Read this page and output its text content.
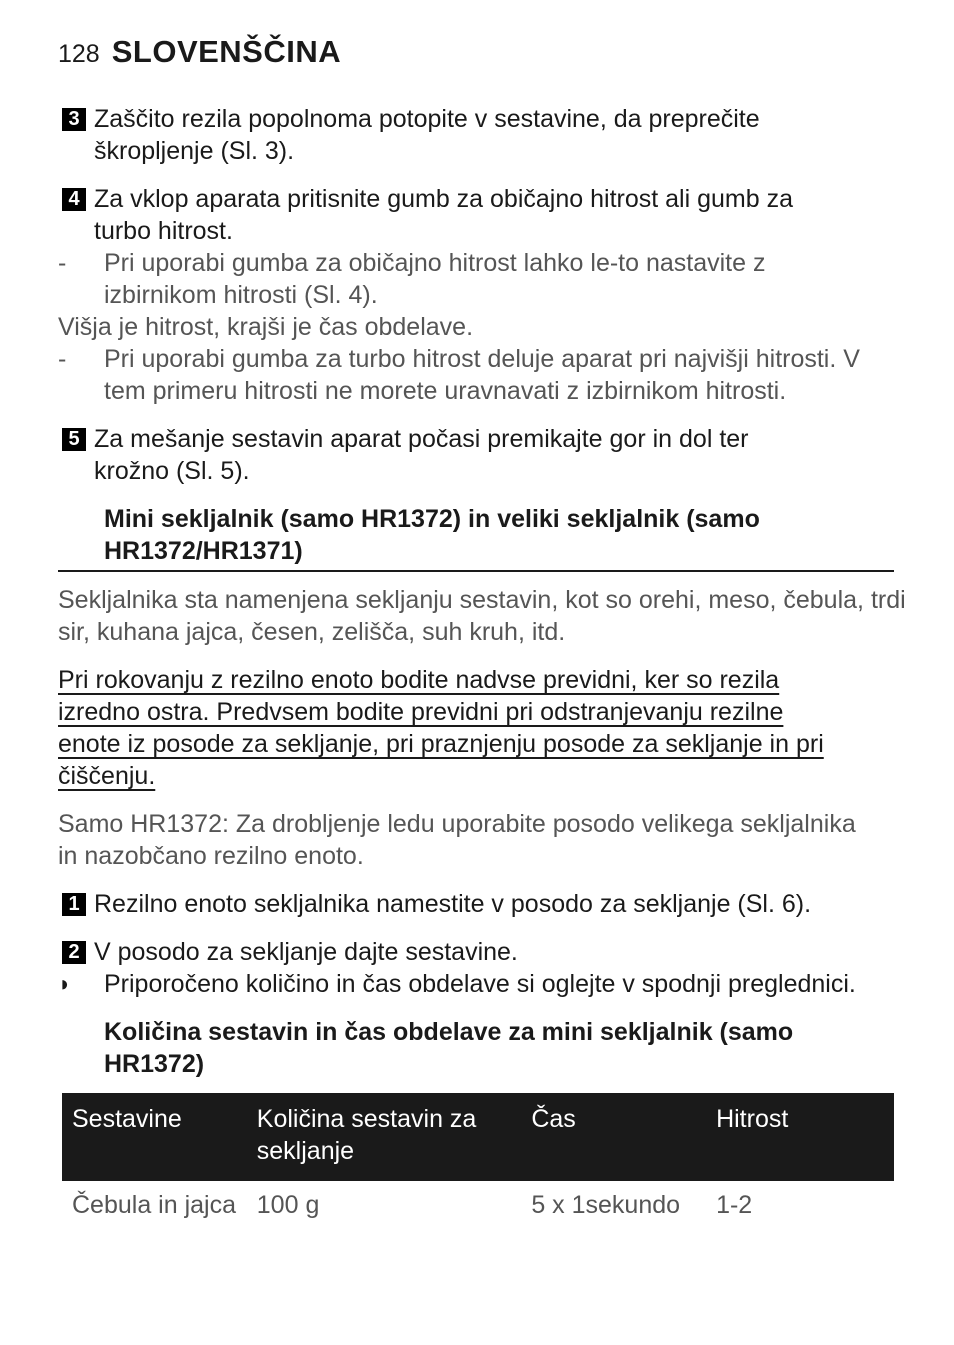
128 SLOVENŠČINA
3 Zaščito rezila popolnoma potopite v sestavine, da preprečite
škropljenje (Sl. 3).
4 Za vklop aparata pritisnite gumb za običajno hitrost ali gumb za
turbo hitrost.
-	Pri uporabi gumba za običajno hitrost lahko le-to nastavite z
izbirnikom hitrosti (Sl. 4).
Višja je hitrost, krajši je čas obdelave.
-	Pri uporabi gumba za turbo hitrost deluje aparat pri najvišji hitrosti. V
tem primeru hitrosti ne morete uravnavati z izbirnikom hitrosti.
5 Za mešanje sestavin aparat počasi premikajte gor in dol ter
krožno (Sl. 5).
Mini sekljalnik (samo HR1372) in veliki sekljalnik (samo
HR1372/HR1371)
Sekljalnika sta namenjena sekljanju sestavin, kot so orehi, meso, čebula, trdi
sir, kuhana jajca, česen, zelišča, suh kruh, itd.
Pri rokovanju z rezilno enoto bodite nadvse previdni, ker so rezila
izredno ostra. Predvsem bodite previdni pri odstranjevanju rezilne
enote iz posode za sekljanje, pri praznjenju posode za sekljanje in pri
čiščenju.
Samo HR1372: Za drobljenje ledu uporabite posodo velikega sekljalnika
in nazobčano rezilno enoto.
1 Rezilno enoto sekljalnika namestite v posodo za sekljanje (Sl. 6).
2 V posodo za sekljanje dajte sestavine.
◗	Priporočeno količino in čas obdelave si oglejte v spodnji preglednici.
Količina sestavin in čas obdelave za mini sekljalnik (samo
HR1372)
Sestavine	Količina sestavin za sekljanje	Čas	Hitrost
Čebula in jajca	100 g	5 x 1sekundo	1-2
